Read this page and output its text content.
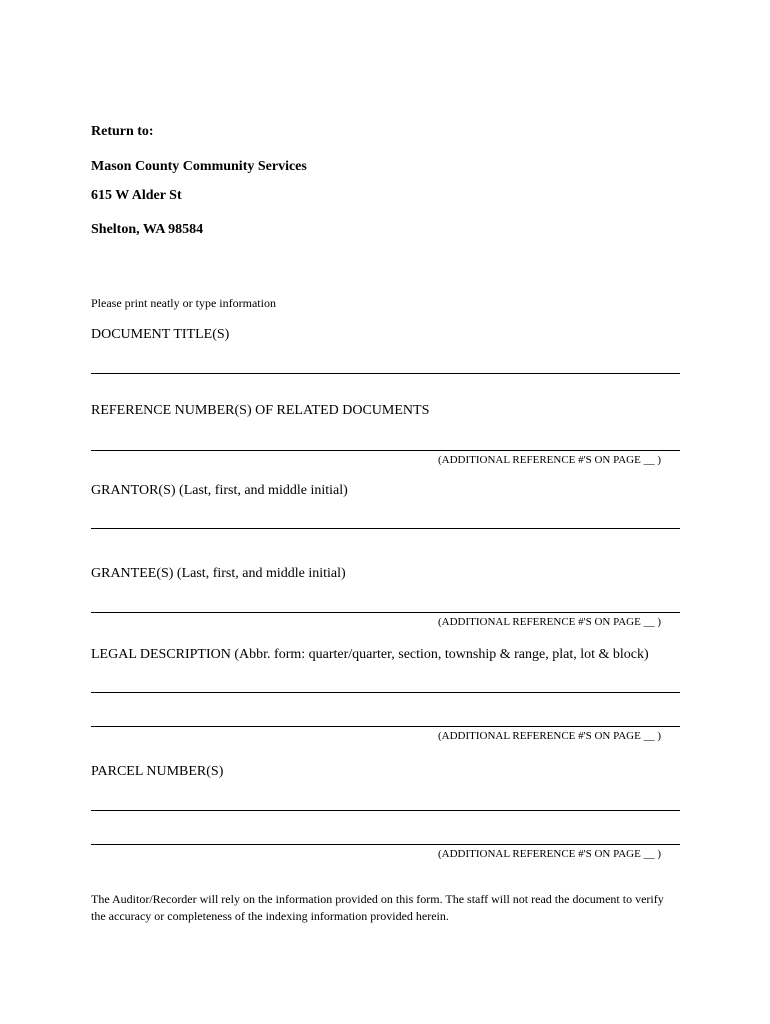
Return to:
Mason County Community Services
615 W Alder St
Shelton, WA 98584
Please print neatly or type information
DOCUMENT TITLE(S)
REFERENCE NUMBER(S) OF RELATED DOCUMENTS
(ADDITIONAL REFERENCE #'S ON PAGE __ )
GRANTOR(S) (Last, first, and middle initial)
GRANTEE(S) (Last, first, and middle initial)
(ADDITIONAL REFERENCE #'S ON PAGE __ )
LEGAL DESCRIPTION (Abbr. form: quarter/quarter, section, township & range, plat, lot & block)
(ADDITIONAL REFERENCE #'S ON PAGE __ )
PARCEL NUMBER(S)
(ADDITIONAL REFERENCE #'S ON PAGE __ )
The Auditor/Recorder will rely on the information provided on this form. The staff will not read the document to verify the accuracy or completeness of the indexing information provided herein.
